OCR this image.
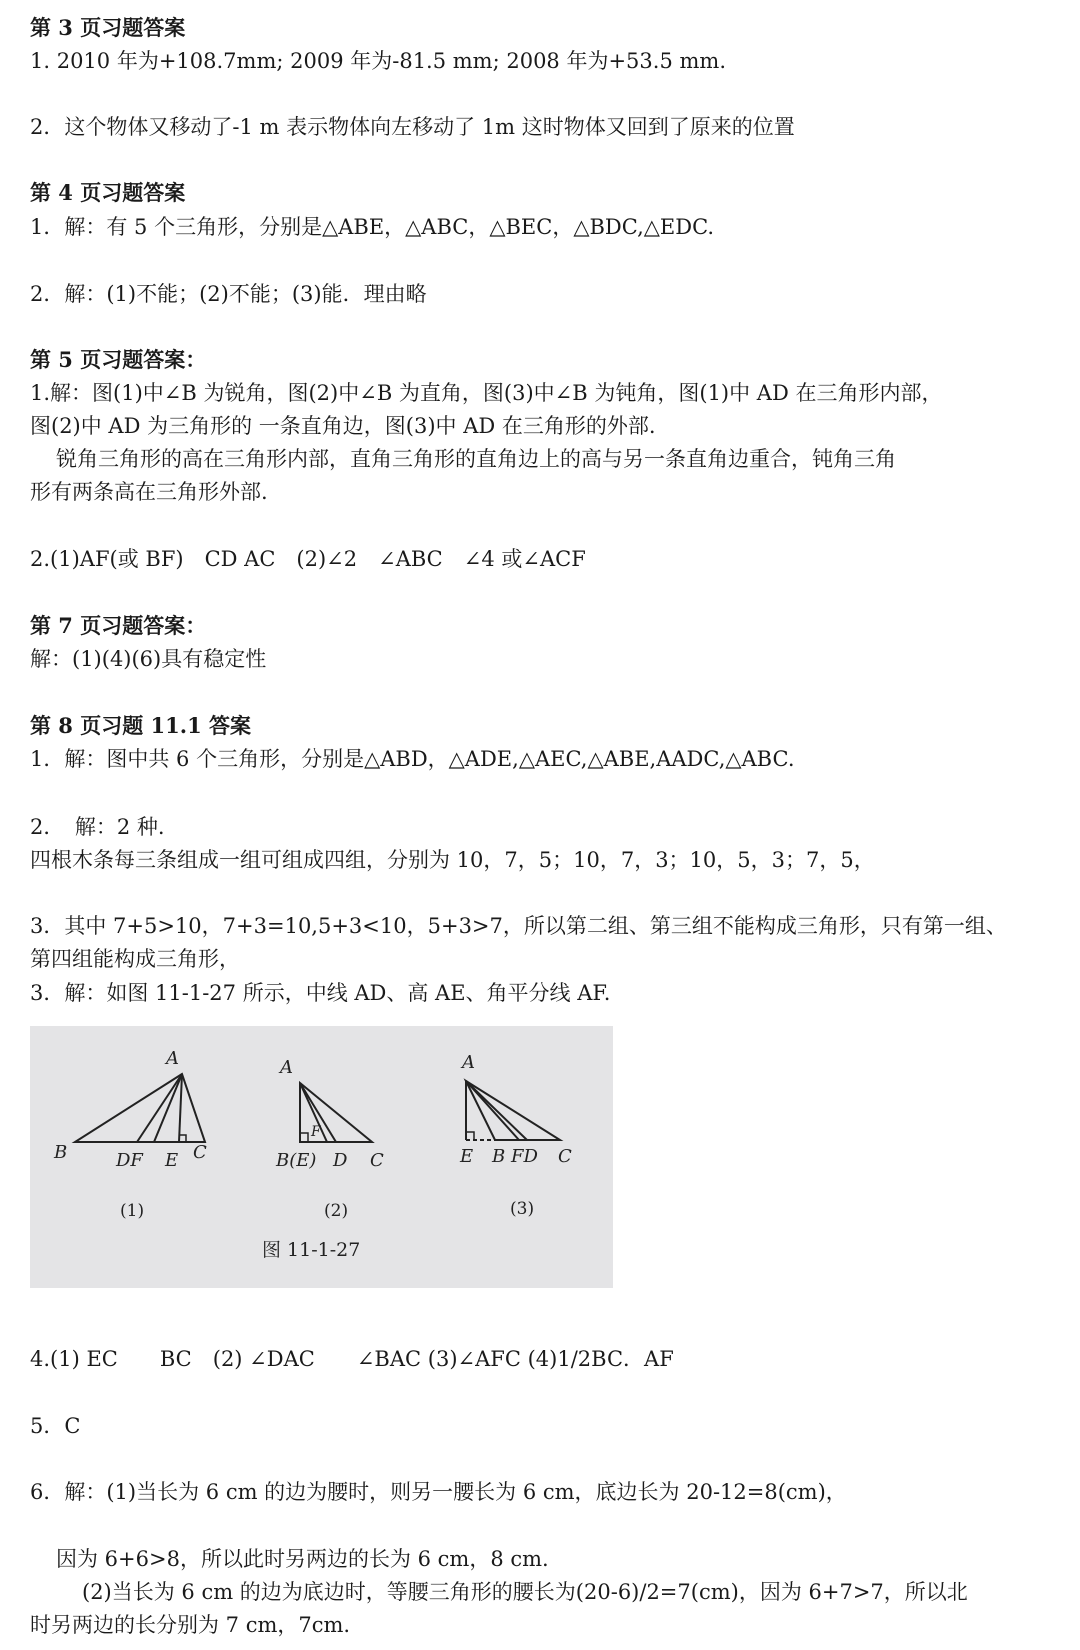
第 3 页习题答案
1. 2010 年为+108.7mm; 2009 年为-81.5 mm; 2008 年为+53.5 mm.
2．这个物体又移动了-1 m 表示物体向左移动了 1m 这时物体又回到了原来的位置
第 4 页习题答案
1．解：有 5 个三角形，分别是△ABE，△ABC，△BEC，△BDC,△EDC.
2．解：(1)不能；(2)不能；(3)能．理由略
第 5 页习题答案：
1.解：图(1)中∠B 为锐角，图(2)中∠B 为直角，图(3)中∠B 为钝角，图(1)中 AD 在三角形内部，
图(2)中 AD 为三角形的 一条直角边，图(3)中 AD 在三角形的外部.
锐角三角形的高在三角形内部，直角三角形的直角边上的高与另一条直角边重合，钝角三角
形有两条高在三角形外部.
2.(1)AF(或 BF)　CD AC　(2)∠2　∠ABC　∠4 或∠ACF
第 7 页习题答案：
解：(1)(4)(6)具有稳定性
第 8 页习题 11.1 答案
1．解：图中共 6 个三角形，分别是△ABD，△ADE,△AEC,△ABE,AADC,△ABC.
2．　解：2 种.
四根木条每三条组成一组可组成四组，分别为 10，7，5；10，7，3；10，5，3；7，5，
3．其中 7+5>10，7+3=10,5+3<10，5+3>7，所以第二组、第三组不能构成三角形，只有第一组、
第四组能构成三角形，
3．解：如图 11-1-27 所示，中线 AD、高 AE、角平分线 AF.
A
B	DF E C
A
F
B(E) D C
A
E B FD C
(1)	(2)	(3)
图 11-1-27
4.(1) EC　　BC　(2) ∠DAC　　∠BAC (3)∠AFC (4)1/2BC．AF
5．C
6．解：(1)当长为 6 cm 的边为腰时，则另一腰长为 6 cm，底边长为 20-12=8(cm)，
因为 6+6>8，所以此时另两边的长为 6 cm，8 cm.
(2)当长为 6 cm 的边为底边时，等腰三角形的腰长为(20-6)/2=7(cm)，因为 6+7>7，所以北
时另两边的长分别为 7 cm，7cm.
